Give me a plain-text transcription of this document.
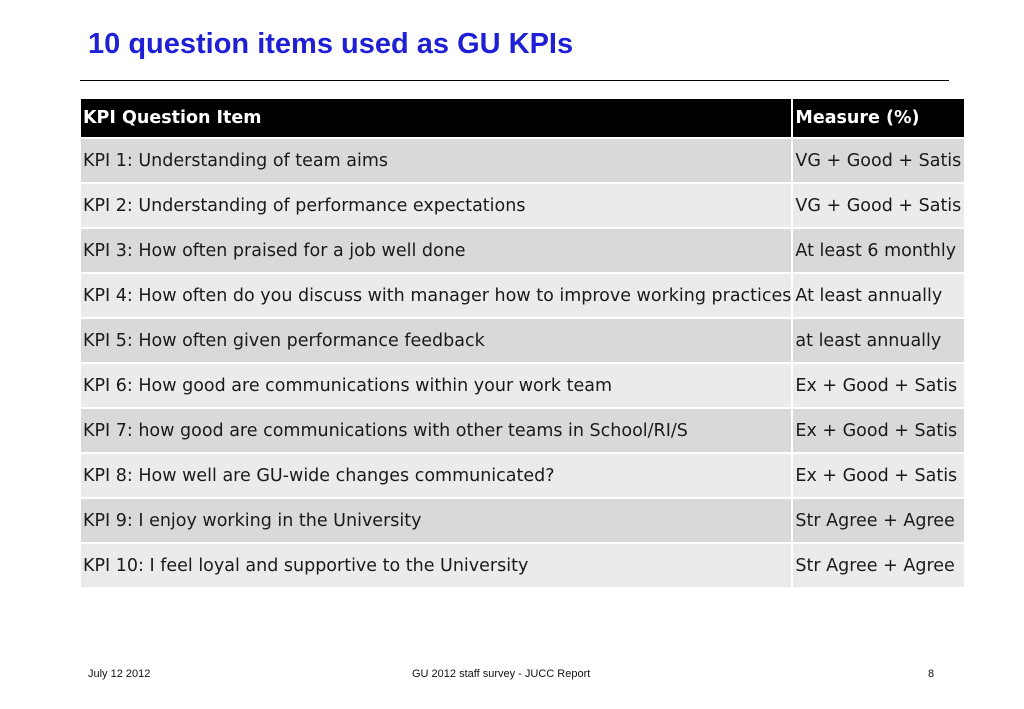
10 question items used as GU KPIs
KPI Question Item	Measure (%)
KPI 1: Understanding of team aims	VG + Good + Satis
KPI 2: Understanding of performance expectations	VG + Good + Satis
KPI 3: How often praised for a job well done	At least 6 monthly
KPI 4: How often do you discuss with manager how to improve working practices	At least annually
KPI 5: How often given performance feedback	at least annually
KPI 6: How good are communications within your work team	Ex + Good + Satis
KPI 7: how good are communications with other teams in School/RI/S	Ex + Good + Satis
KPI 8: How well are GU-wide changes communicated?	Ex + Good + Satis
KPI 9: I enjoy working in the University	Str Agree + Agree
KPI 10: I feel loyal and supportive to the University	Str Agree + Agree
July 12 2012	GU 2012 staff survey - JUCC Report	8
